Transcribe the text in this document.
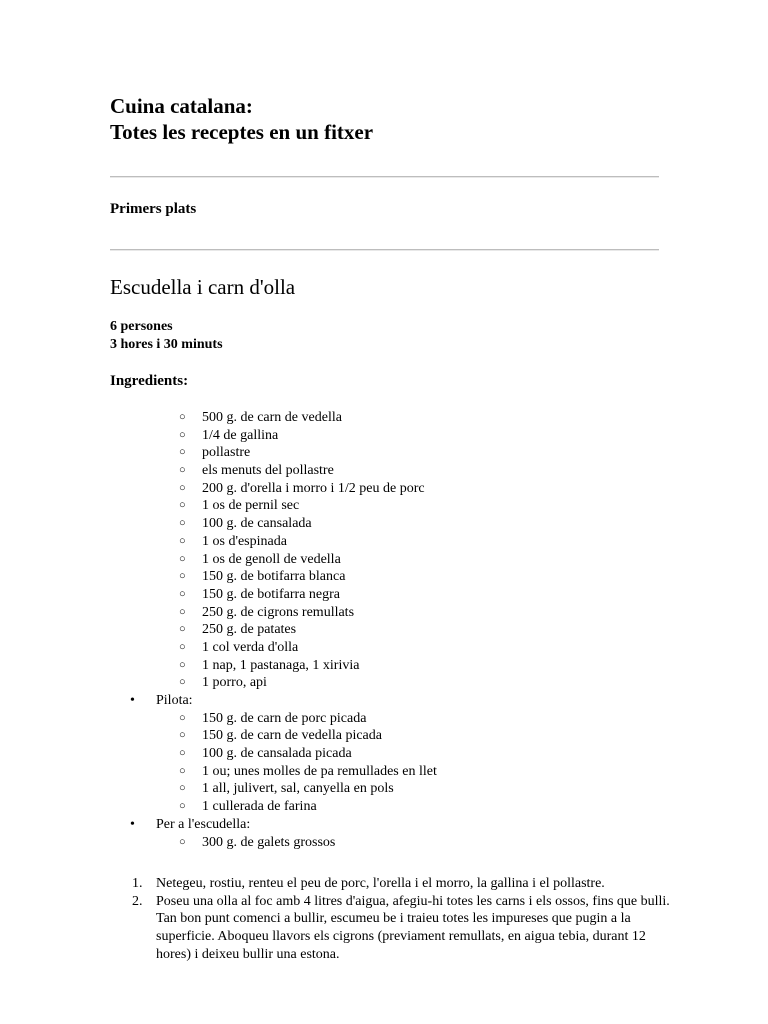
Cuina catalana:
Totes les receptes en un fitxer
Primers plats
Escudella i carn d'olla

6 persones
3 hores i 30 minuts

Ingredients:
○ 500 g. de carn de vedella
○ 1/4 de gallina
○ pollastre
○ els menuts del pollastre
○ 200 g. d'orella i morro i 1/2 peu de porc
○ 1 os de pernil sec
○ 100 g. de cansalada
○ 1 os d'espinada
○ 1 os de genoll de vedella
○ 150 g. de botifarra blanca
○ 150 g. de botifarra negra
○ 250 g. de cigrons remullats
○ 250 g. de patates
○ 1 col verda d'olla
○ 1 nap, 1 pastanaga, 1 xirivia
○ 1 porro, api
• Pilota:
○ 150 g. de carn de porc picada
○ 150 g. de carn de vedella picada
○ 100 g. de cansalada picada
○ 1 ou; unes molles de pa remullades en llet
○ 1 all, julivert, sal, canyella en pols
○ 1 cullerada de farina
• Per a l'escudella:
○ 300 g. de galets grossos
1. Netegeu, rostiu, renteu el peu de porc, l'orella i el morro, la gallina i el pollastre.
2. Poseu una olla al foc amb 4 litres d'aigua, afegiu-hi totes les carns i els ossos, fins que bulli. Tan bon punt comenci a bullir, escumeu be i traieu totes les impureses que pugin a la superficie. Aboqueu llavors els cigrons (previament remullats, en aigua tebia, durant 12 hores) i deixeu bullir una estona.
